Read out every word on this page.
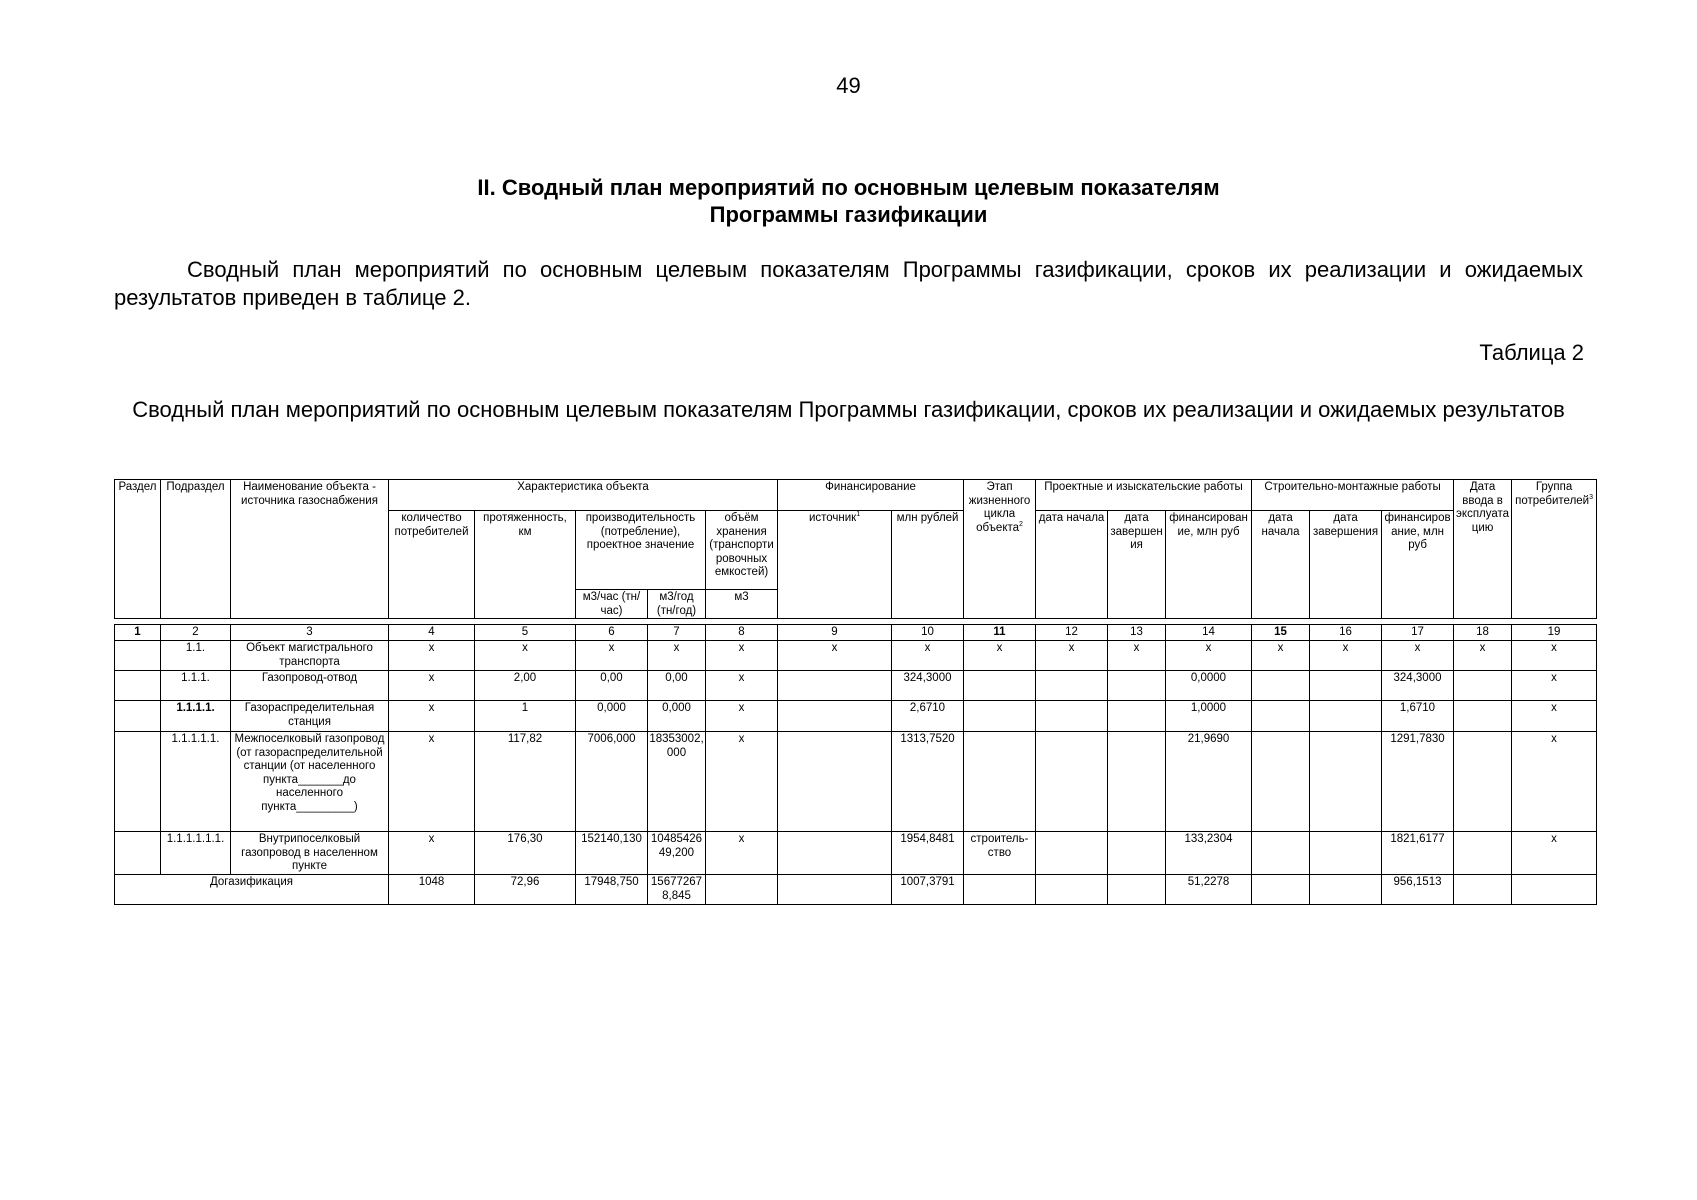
49
II. Сводный план мероприятий по основным целевым показателям
Программы газификации

Сводный план мероприятий по основным целевым показателям Программы газификации, сроков их реализации и ожидаемых результатов приведен в таблице 2.

Таблица 2
Сводный план мероприятий по основным целевым показателям Программы газификации, сроков их реализации и ожидаемых результатов
Раздел	Подраздел	Наименование объекта - источника газоснабжения	Характеристика объекта					Финансирование		Этап жизненного цикла объекта$^2$	Проектные и изыскательские работы			Строительно-монтажные работы			Дата ввода в эксплуатацию	Группа потребителей$^3$
			количество потребителей	протяженность, км	производительность (потребление), проектное значение		объём хранения (транспортировочных емкостей)	источник$^1$	млн рублей		дата начала	дата завершения	финансирование, млн руб	дата начала	дата завершения	финансирование, млн руб		
					м3/час (тн/час)	м3/год (тн/год)	м3											
1	2	3	4	5	6	7	8	9	10	11	12	13	14	15	16	17	18	19
	1.1.	Объект магистрального транспорта	x	x	x	x	x	x	x	x	x	x	x	x	x	x	x	x
	1.1.1.	Газопровод-отвод	x	2,00	0,00	0,00	x		324,3000				0,0000			324,3000		x
	1.1.1.1.	Газораспределительная станция	x	1	0,000	0,000	x		2,6710				1,0000			1,6710		x
	1.1.1.1.1.	Межпоселковый газопровод (от газораспределительной станции (от населенного пункта_______до населенного пункта_________)	x	117,82	7006,000	18353002,000	x		1313,7520				21,9690			1291,7830		x
	1.1.1.1.1.1.	Внутрипоселковый газопровод в населенном пункте	x	176,30	152140,130	1048542649,200	x		1954,8481	строитель-ство			133,2304			1821,6177		x
Догазификация			1048	72,96	17948,750	156772678,845			1007,3791				51,2278			956,1513		
